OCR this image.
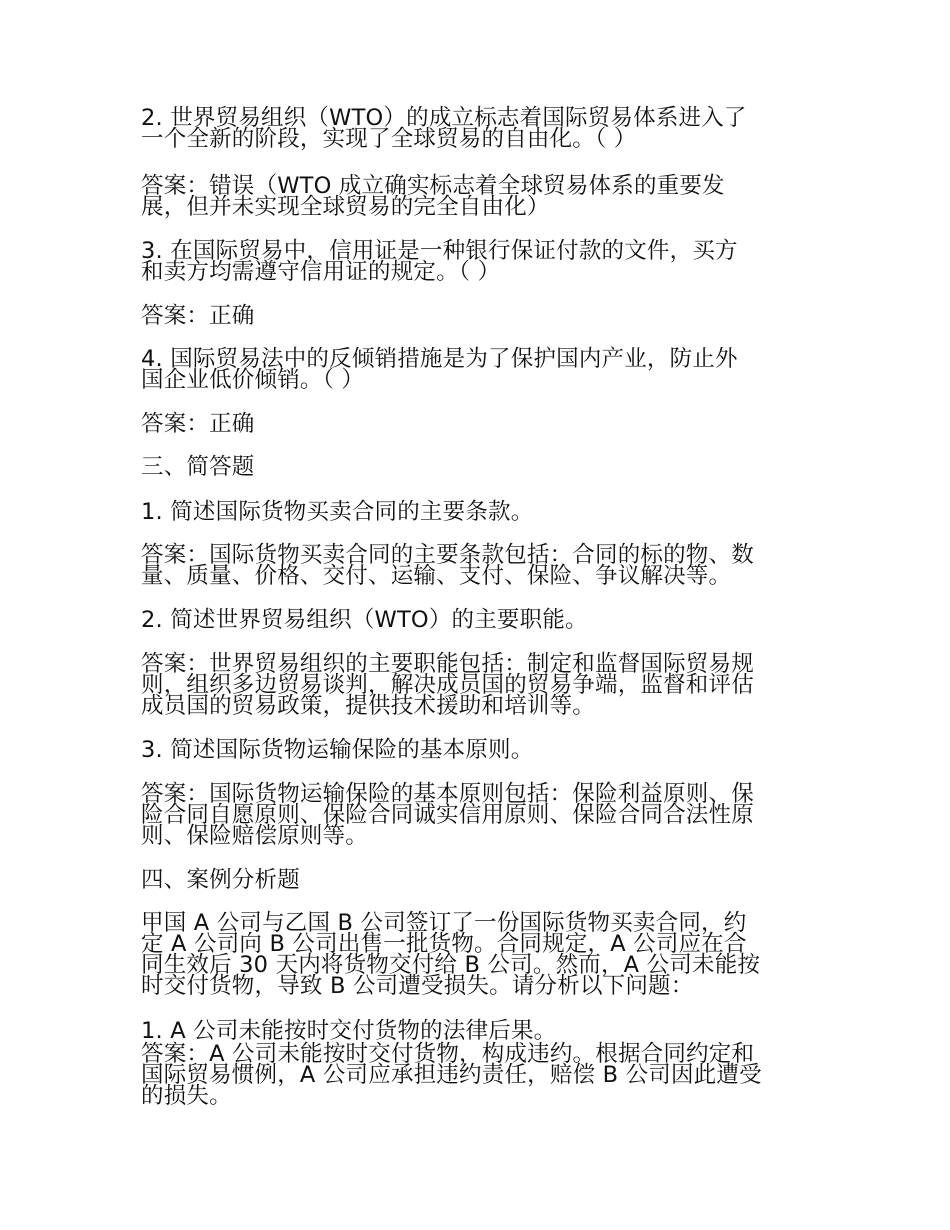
2. 世界贸易组织（WTO）的成立标志着国际贸易体系进入了
一个全新的阶段，实现了全球贸易的自由化。（ ）

答案：错误（WTO 成立确实标志着全球贸易体系的重要发
展，但并未实现全球贸易的完全自由化）

3. 在国际贸易中，信用证是一种银行保证付款的文件，买方
和卖方均需遵守信用证的规定。（ ）

答案：正确

4. 国际贸易法中的反倾销措施是为了保护国内产业，防止外
国企业低价倾销。（ ）

答案：正确

三、简答题

1. 简述国际货物买卖合同的主要条款。

答案：国际货物买卖合同的主要条款包括：合同的标的物、数
量、质量、价格、交付、运输、支付、保险、争议解决等。

2. 简述世界贸易组织（WTO）的主要职能。

答案：世界贸易组织的主要职能包括：制定和监督国际贸易规
则，组织多边贸易谈判，解决成员国的贸易争端，监督和评估
成员国的贸易政策，提供技术援助和培训等。

3. 简述国际货物运输保险的基本原则。

答案：国际货物运输保险的基本原则包括：保险利益原则、保
险合同自愿原则、保险合同诚实信用原则、保险合同合法性原
则、保险赔偿原则等。

四、案例分析题

甲国 A 公司与乙国 B 公司签订了一份国际货物买卖合同，约
定 A 公司向 B 公司出售一批货物。合同规定，A 公司应在合
同生效后 30 天内将货物交付给 B 公司。然而，A 公司未能按
时交付货物，导致 B 公司遭受损失。请分析以下问题：

1. A 公司未能按时交付货物的法律后果。

答案：A 公司未能按时交付货物，构成违约。根据合同约定和
国际贸易惯例，A 公司应承担违约责任，赔偿 B 公司因此遭受
的损失。
